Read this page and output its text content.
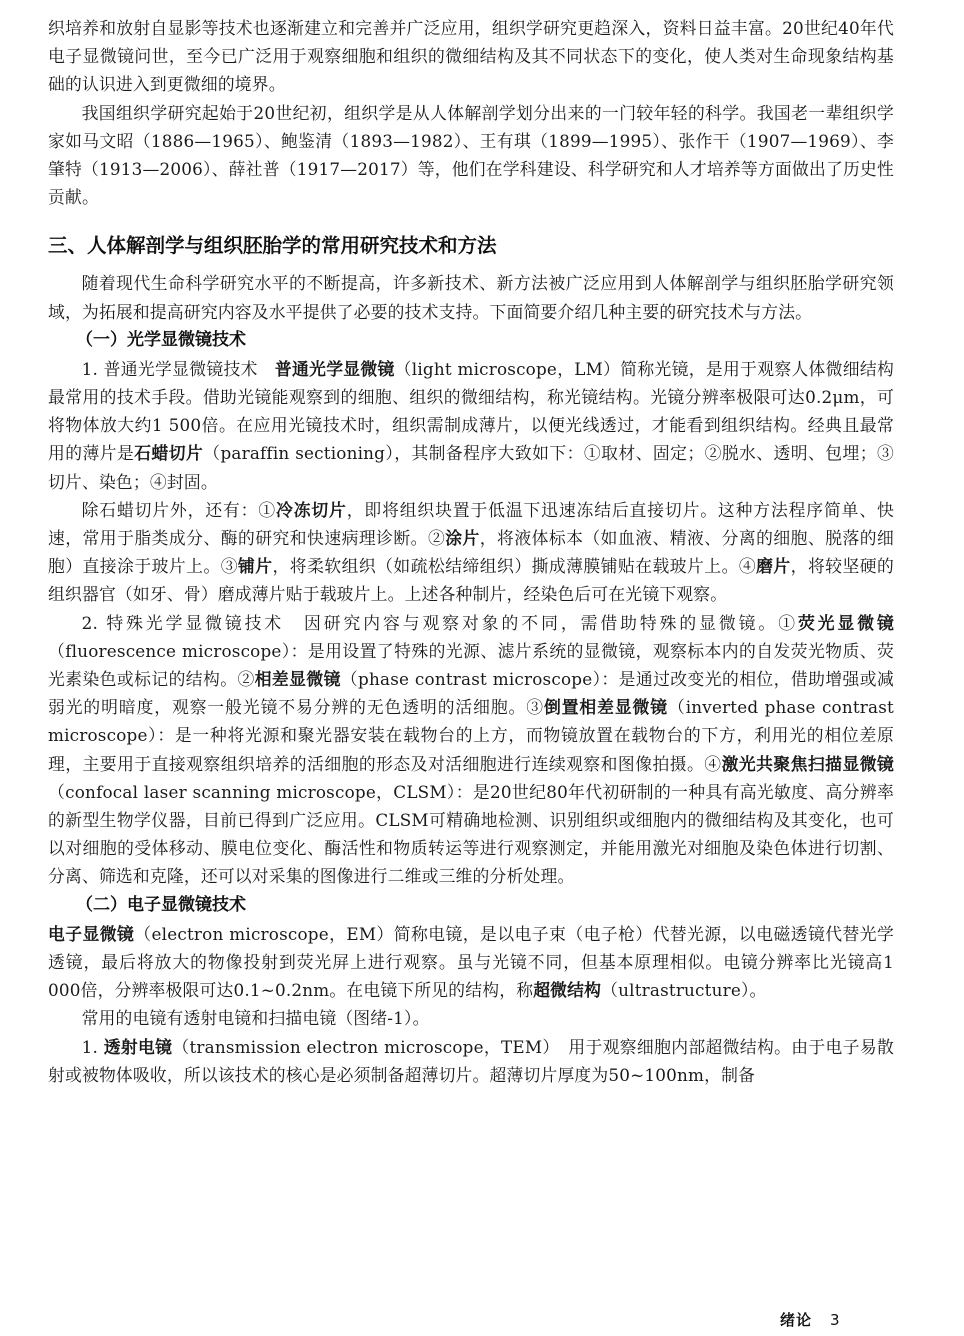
织培养和放射自显影等技术也逐渐建立和完善并广泛应用，组织学研究更趋深入，资料日益丰富。20世纪40年代电子显微镜问世，至今已广泛用于观察细胞和组织的微细结构及其不同状态下的变化，使人类对生命现象结构基础的认识进入到更微细的境界。

我国组织学研究起始于20世纪初，组织学是从人体解剖学划分出来的一门较年轻的科学。我国老一辈组织学家如马文昭（1886—1965）、鲍鉴清（1893—1982）、王有琪（1899—1995）、张作干（1907—1969）、李肇特（1913—2006）、薛社普（1917—2017）等，他们在学科建设、科学研究和人才培养等方面做出了历史性贡献。

三、人体解剖学与组织胚胎学的常用研究技术和方法

随着现代生命科学研究水平的不断提高，许多新技术、新方法被广泛应用到人体解剖学与组织胚胎学研究领域，为拓展和提高研究内容及水平提供了必要的技术支持。下面简要介绍几种主要的研究技术与方法。

（一）光学显微镜技术

1. 普通光学显微镜技术　普通光学显微镜（light microscope，LM）简称光镜，是用于观察人体微细结构最常用的技术手段。借助光镜能观察到的细胞、组织的微细结构，称光镜结构。光镜分辨率极限可达0.2μm，可将物体放大约1 500倍。在应用光镜技术时，组织需制成薄片，以便光线透过，才能看到组织结构。经典且最常用的薄片是石蜡切片（paraffin sectioning），其制备程序大致如下：①取材、固定；②脱水、透明、包埋；③切片、染色；④封固。

除石蜡切片外，还有：①冷冻切片，即将组织块置于低温下迅速冻结后直接切片。这种方法程序简单、快速，常用于脂类成分、酶的研究和快速病理诊断。②涂片，将液体标本（如血液、精液、分离的细胞、脱落的细胞）直接涂于玻片上。③铺片，将柔软组织（如疏松结缔组织）撕成薄膜铺贴在载玻片上。④磨片，将较坚硬的组织器官（如牙、骨）磨成薄片贴于载玻片上。上述各种制片，经染色后可在光镜下观察。

2. 特殊光学显微镜技术　因研究内容与观察对象的不同，需借助特殊的显微镜。①荧光显微镜（fluorescence microscope）：是用设置了特殊的光源、滤片系统的显微镜，观察标本内的自发荧光物质、荧光素染色或标记的结构。②相差显微镜（phase contrast microscope）：是通过改变光的相位，借助增强或减弱光的明暗度，观察一般光镜不易分辨的无色透明的活细胞。③倒置相差显微镜（inverted phase contrast microscope）：是一种将光源和聚光器安装在载物台的上方，而物镜放置在载物台的下方，利用光的相位差原理，主要用于直接观察组织培养的活细胞的形态及对活细胞进行连续观察和图像拍摄。④激光共聚焦扫描显微镜（confocal laser scanning microscope，CLSM）：是20世纪80年代初研制的一种具有高光敏度、高分辨率的新型生物学仪器，目前已得到广泛应用。CLSM可精确地检测、识别组织或细胞内的微细结构及其变化，也可以对细胞的受体移动、膜电位变化、酶活性和物质转运等进行观察测定，并能用激光对细胞及染色体进行切割、分离、筛选和克隆，还可以对采集的图像进行二维或三维的分析处理。

（二）电子显微镜技术

电子显微镜（electron microscope，EM）简称电镜，是以电子束（电子枪）代替光源，以电磁透镜代替光学透镜，最后将放大的物像投射到荧光屏上进行观察。虽与光镜不同，但基本原理相似。电镜分辨率比光镜高1 000倍，分辨率极限可达0.1~0.2nm。在电镜下所见的结构，称超微结构（ultrastructure）。

常用的电镜有透射电镜和扫描电镜（图绪-1）。

1. 透射电镜（transmission electron microscope，TEM）　用于观察细胞内部超微结构。由于电子易散射或被物体吸收，所以该技术的核心是必须制备超薄切片。超薄切片厚度为50~100nm，制备

绪论 3
